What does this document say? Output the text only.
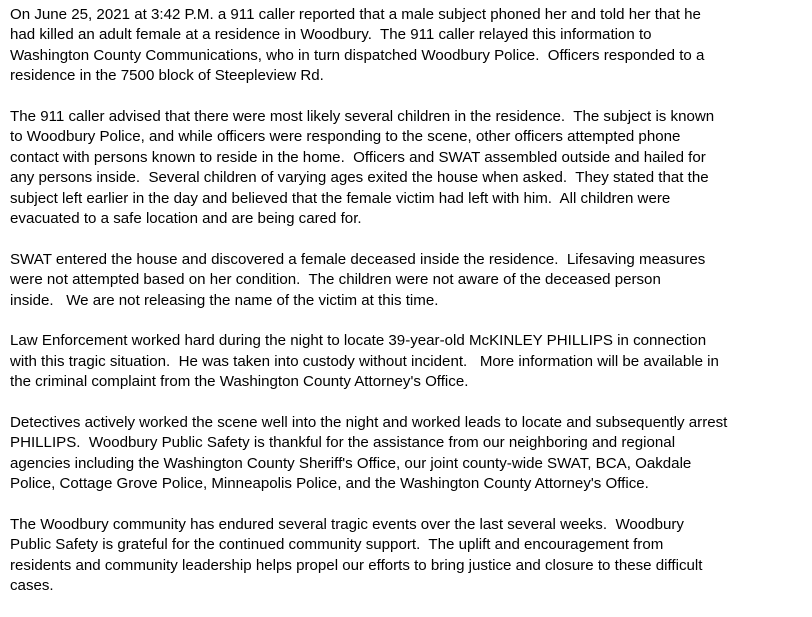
On June 25, 2021 at 3:42 P.M. a 911 caller reported that a male subject phoned her and told her that he
had killed an adult female at a residence in Woodbury.  The 911 caller relayed this information to
Washington County Communications, who in turn dispatched Woodbury Police.  Officers responded to a
residence in the 7500 block of Steepleview Rd.

The 911 caller advised that there were most likely several children in the residence.  The subject is known
to Woodbury Police, and while officers were responding to the scene, other officers attempted phone
contact with persons known to reside in the home.  Officers and SWAT assembled outside and hailed for
any persons inside.  Several children of varying ages exited the house when asked.  They stated that the
subject left earlier in the day and believed that the female victim had left with him.  All children were
evacuated to a safe location and are being cared for.

SWAT entered the house and discovered a female deceased inside the residence.  Lifesaving measures
were not attempted based on her condition.  The children were not aware of the deceased person
inside.   We are not releasing the name of the victim at this time.

Law Enforcement worked hard during the night to locate 39-year-old McKINLEY PHILLIPS in connection
with this tragic situation.  He was taken into custody without incident.   More information will be available in
the criminal complaint from the Washington County Attorney's Office.

Detectives actively worked the scene well into the night and worked leads to locate and subsequently arrest
PHILLIPS.  Woodbury Public Safety is thankful for the assistance from our neighboring and regional
agencies including the Washington County Sheriff's Office, our joint county-wide SWAT, BCA, Oakdale
Police, Cottage Grove Police, Minneapolis Police, and the Washington County Attorney's Office.

The Woodbury community has endured several tragic events over the last several weeks.  Woodbury
Public Safety is grateful for the continued community support.  The uplift and encouragement from
residents and community leadership helps propel our efforts to bring justice and closure to these difficult
cases.
